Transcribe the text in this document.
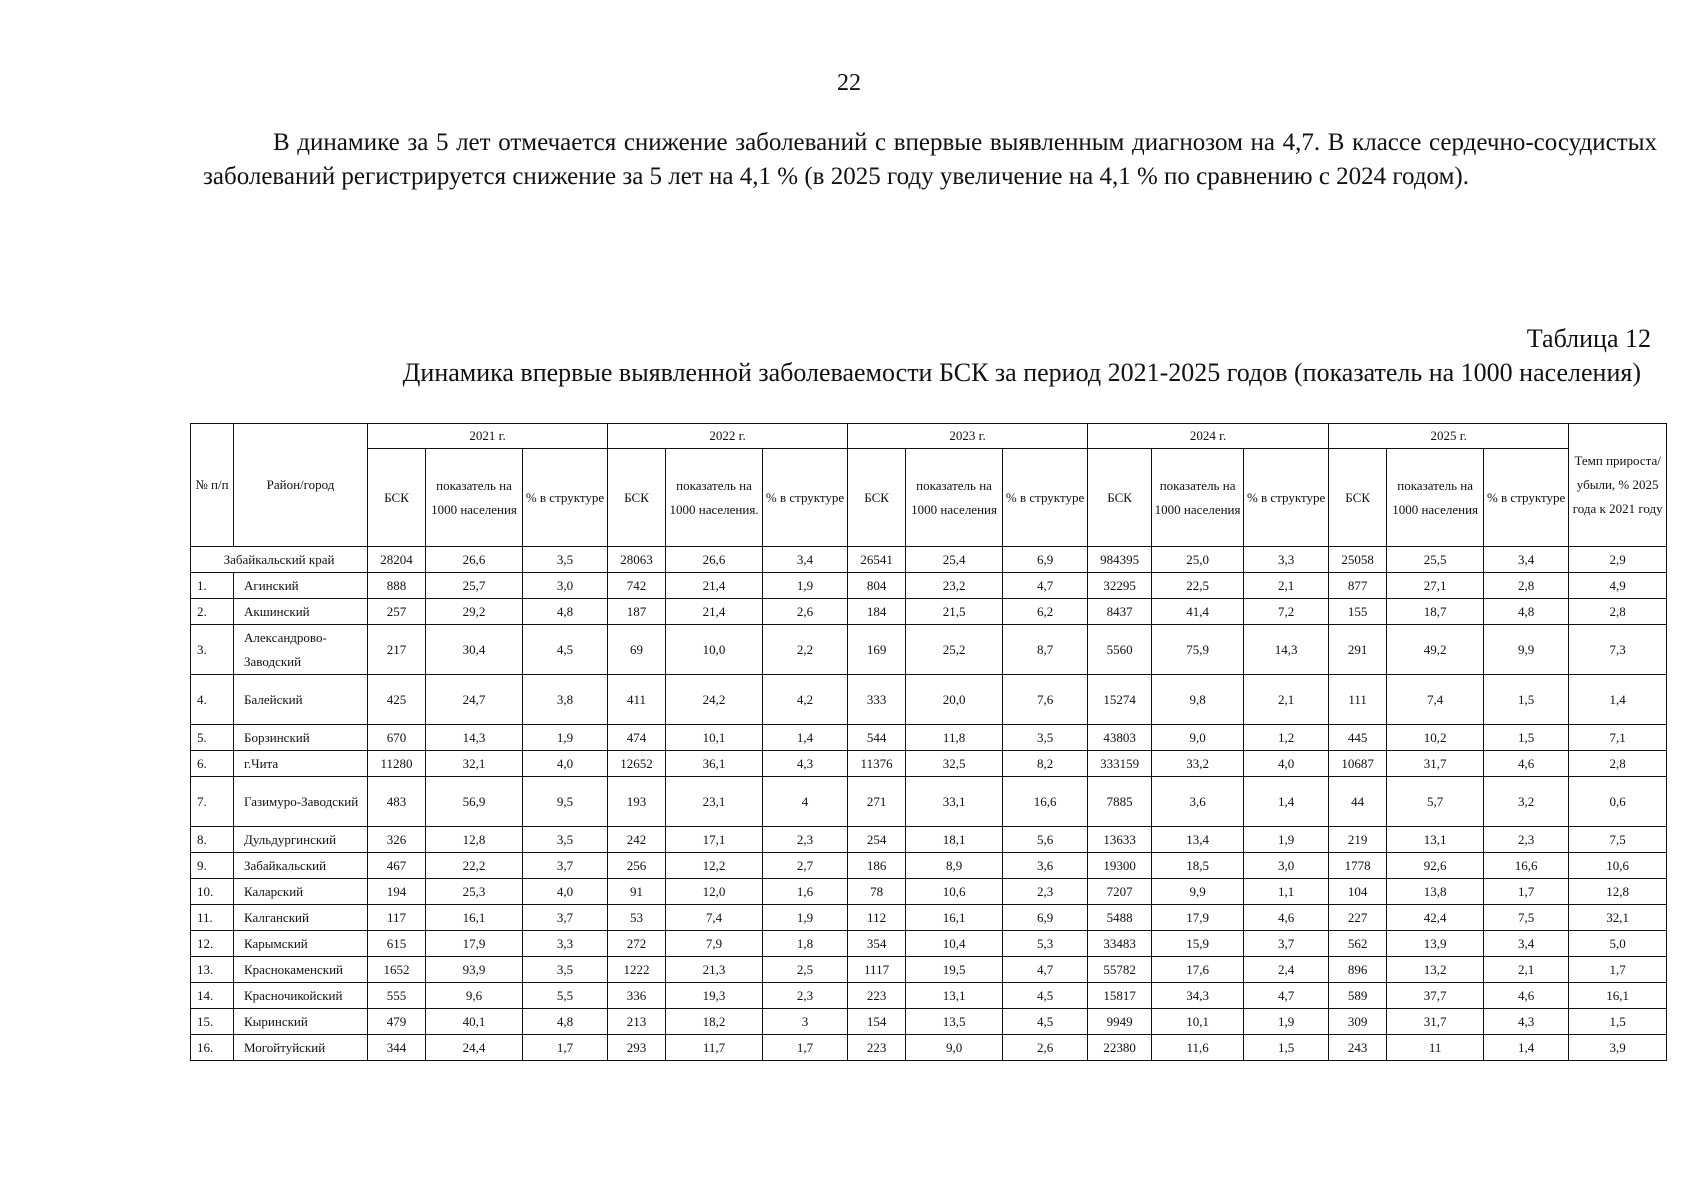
22

В динамике за 5 лет отмечается снижение заболеваний с впервые выявленным диагнозом на 4,7. В классе сердечно-сосудистых заболеваний регистрируется снижение за 5 лет на 4,1 % (в 2025 году увеличение на 4,1 % по сравнению с 2024 годом).

Таблица 12
Динамика впервые выявленной заболеваемости БСК за период 2021-2025 годов (показатель на 1000 населения)
№ п/п	Район/город	2021 г.			2022 г.			2023 г.			2024 г.			2025 г.			Темп прироста/ убыли, % 2025 года к 2021 году
		БСК	показатель на 1000 населения	% в структуре	БСК	показатель на 1000 населения.	% в структуре	БСК	показатель на 1000 населения	% в структуре	БСК	показатель на 1000 населения	% в структуре	БСК	показатель на 1000 населения	% в структуре	
Забайкальский край		28204	26,6	3,5	28063	26,6	3,4	26541	25,4	6,9	984395	25,0	3,3	25058	25,5	3,4	2,9
1.	Агинский	888	25,7	3,0	742	21,4	1,9	804	23,2	4,7	32295	22,5	2,1	877	27,1	2,8	4,9
2.	Акшинский	257	29,2	4,8	187	21,4	2,6	184	21,5	6,2	8437	41,4	7,2	155	18,7	4,8	2,8
3.	Александрово-Заводский	217	30,4	4,5	69	10,0	2,2	169	25,2	8,7	5560	75,9	14,3	291	49,2	9,9	7,3
4.	Балейский	425	24,7	3,8	411	24,2	4,2	333	20,0	7,6	15274	9,8	2,1	111	7,4	1,5	1,4
5.	Борзинский	670	14,3	1,9	474	10,1	1,4	544	11,8	3,5	43803	9,0	1,2	445	10,2	1,5	7,1
6.	г.Чита	11280	32,1	4,0	12652	36,1	4,3	11376	32,5	8,2	333159	33,2	4,0	10687	31,7	4,6	2,8
7.	Газимуро-Заводский	483	56,9	9,5	193	23,1	4	271	33,1	16,6	7885	3,6	1,4	44	5,7	3,2	0,6
8.	Дульдургинский	326	12,8	3,5	242	17,1	2,3	254	18,1	5,6	13633	13,4	1,9	219	13,1	2,3	7,5
9.	Забайкальский	467	22,2	3,7	256	12,2	2,7	186	8,9	3,6	19300	18,5	3,0	1778	92,6	16,6	10,6
10.	Каларский	194	25,3	4,0	91	12,0	1,6	78	10,6	2,3	7207	9,9	1,1	104	13,8	1,7	12,8
11.	Калганский	117	16,1	3,7	53	7,4	1,9	112	16,1	6,9	5488	17,9	4,6	227	42,4	7,5	32,1
12.	Карымский	615	17,9	3,3	272	7,9	1,8	354	10,4	5,3	33483	15,9	3,7	562	13,9	3,4	5,0
13.	Краснокаменский	1652	93,9	3,5	1222	21,3	2,5	1117	19,5	4,7	55782	17,6	2,4	896	13,2	2,1	1,7
14.	Красночикойский	555	9,6	5,5	336	19,3	2,3	223	13,1	4,5	15817	34,3	4,7	589	37,7	4,6	16,1
15.	Кыринский	479	40,1	4,8	213	18,2	3	154	13,5	4,5	9949	10,1	1,9	309	31,7	4,3	1,5
16.	Могойтуйский	344	24,4	1,7	293	11,7	1,7	223	9,0	2,6	22380	11,6	1,5	243	11	1,4	3,9
